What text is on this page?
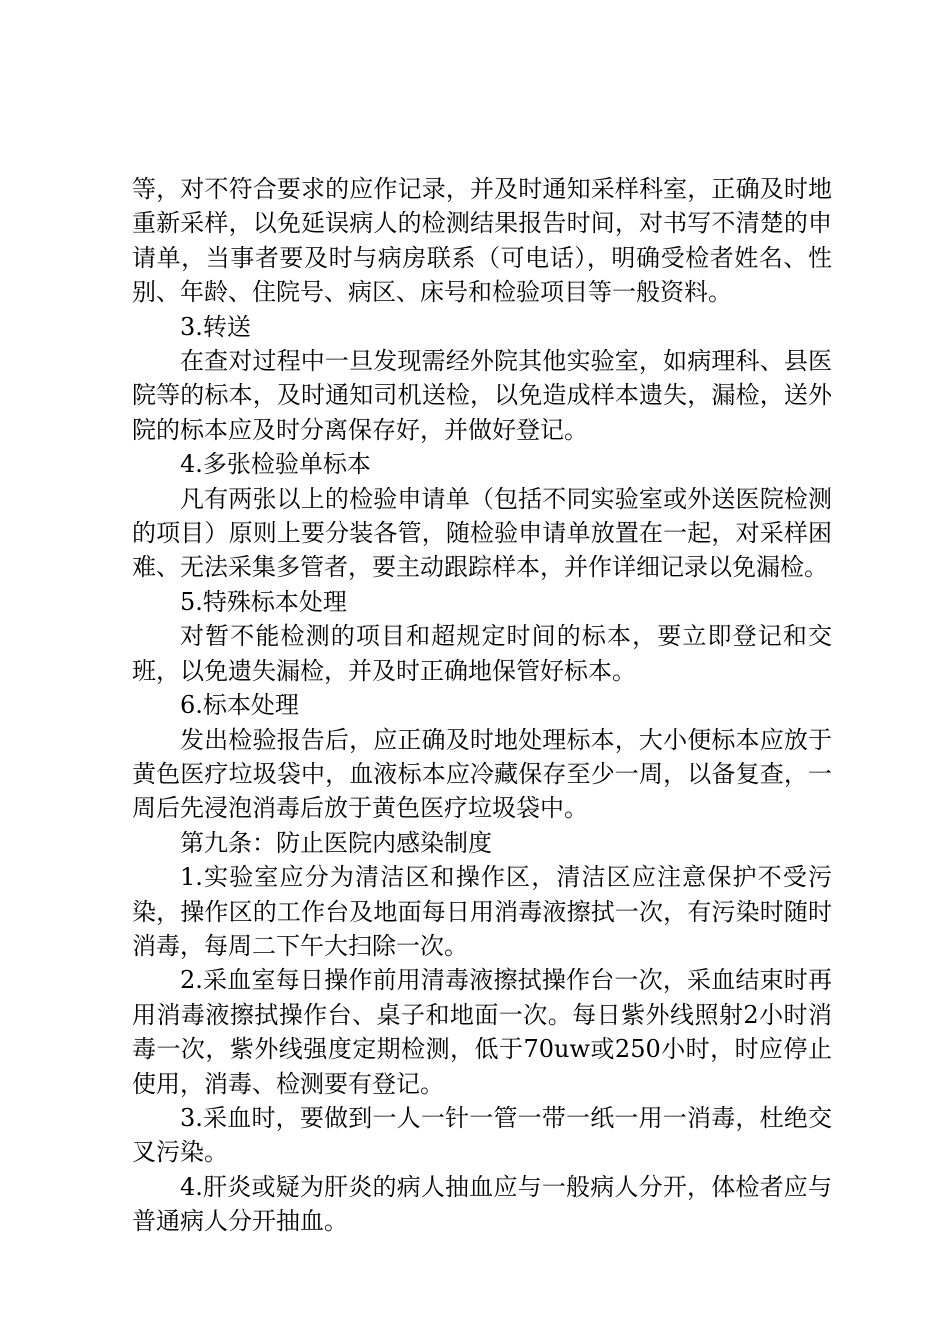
等，对不符合要求的应作记录，并及时通知采样科室，正确及时地重新采样，以免延误病人的检测结果报告时间，对书写不清楚的申请单，当事者要及时与病房联系（可电话），明确受检者姓名、性别、年龄、住院号、病区、床号和检验项目等一般资料。

3.转送

在查对过程中一旦发现需经外院其他实验室，如病理科、县医院等的标本，及时通知司机送检，以免造成样本遗失，漏检，送外院的标本应及时分离保存好，并做好登记。

4.多张检验单标本

凡有两张以上的检验申请单（包括不同实验室或外送医院检测的项目）原则上要分装各管，随检验申请单放置在一起，对采样困难、无法采集多管者，要主动跟踪样本，并作详细记录以免漏检。

5.特殊标本处理

对暂不能检测的项目和超规定时间的标本，要立即登记和交班，以免遗失漏检，并及时正确地保管好标本。

6.标本处理

发出检验报告后，应正确及时地处理标本，大小便标本应放于黄色医疗垃圾袋中，血液标本应冷藏保存至少一周，以备复查，一周后先浸泡消毒后放于黄色医疗垃圾袋中。

第九条：防止医院内感染制度

1.实验室应分为清洁区和操作区，清洁区应注意保护不受污染，操作区的工作台及地面每日用消毒液擦拭一次，有污染时随时消毒，每周二下午大扫除一次。

2.采血室每日操作前用清毒液擦拭操作台一次，采血结束时再用消毒液擦拭操作台、桌子和地面一次。每日紫外线照射2小时消毒一次，紫外线强度定期检测，低于70uw或250小时，时应停止使用，消毒、检测要有登记。

3.采血时，要做到一人一针一管一带一纸一用一消毒，杜绝交叉污染。

4.肝炎或疑为肝炎的病人抽血应与一般病人分开，体检者应与普通病人分开抽血。
